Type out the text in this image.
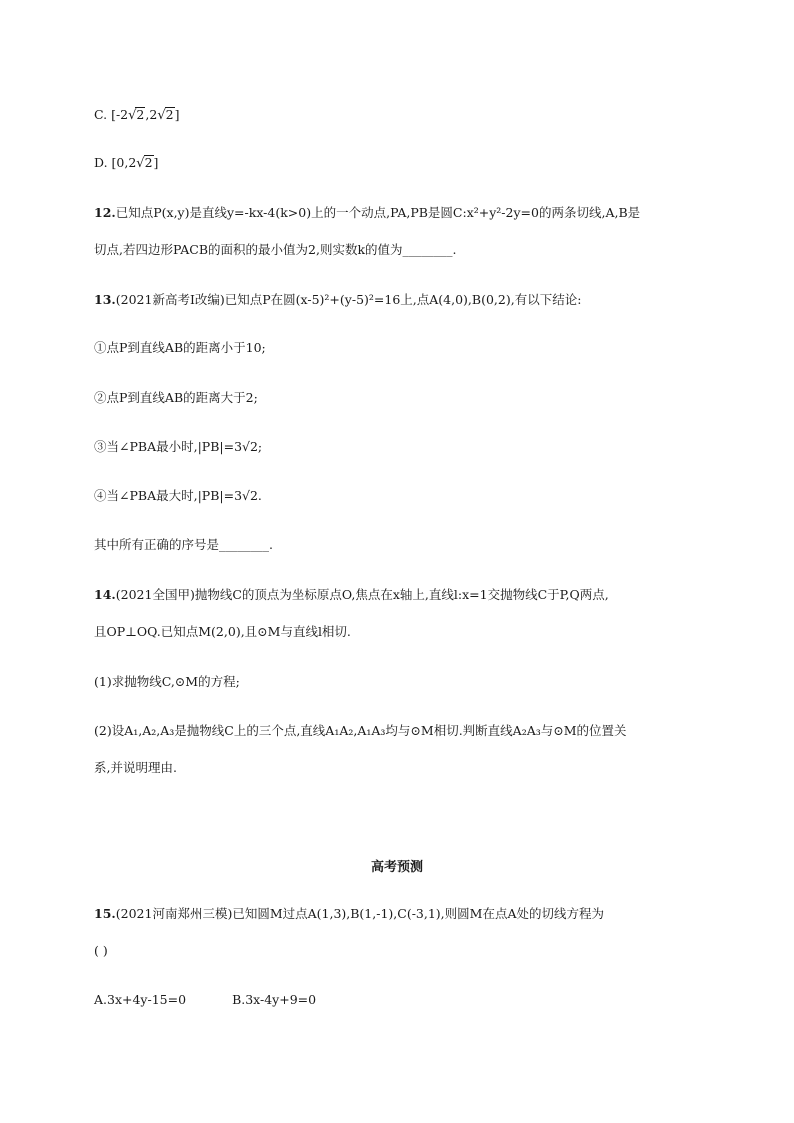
C. [-2√2,2√2]
D. [0,2√2]
12.已知点P(x,y)是直线y=-kx-4(k>0)上的一个动点,PA,PB是圆C:x²+y²-2y=0的两条切线,A,B是
切点,若四边形PACB的面积的最小值为2,则实数k的值为________.
13.(2021新高考Ⅰ改编)已知点P在圆(x-5)²+(y-5)²=16上,点A(4,0),B(0,2),有以下结论:
①点P到直线AB的距离小于10;
②点P到直线AB的距离大于2;
③当∠PBA最小时,|PB|=3√2;
④当∠PBA最大时,|PB|=3√2.
其中所有正确的序号是________.
14.(2021全国甲)抛物线C的顶点为坐标原点O,焦点在x轴上,直线l:x=1交抛物线C于P,Q两点,
且OP⊥OQ.已知点M(2,0),且⊙M与直线l相切.
(1)求抛物线C,⊙M的方程;
(2)设A₁,A₂,A₃是抛物线C上的三个点,直线A₁A₂,A₁A₃均与⊙M相切.判断直线A₂A₃与⊙M的位置关
系,并说明理由.
高考预测
15.(2021河南郑州三模)已知圆M过点A(1,3),B(1,-1),C(-3,1),则圆M在点A处的切线方程为
( )
A.3x+4y-15=0	B.3x-4y+9=0
